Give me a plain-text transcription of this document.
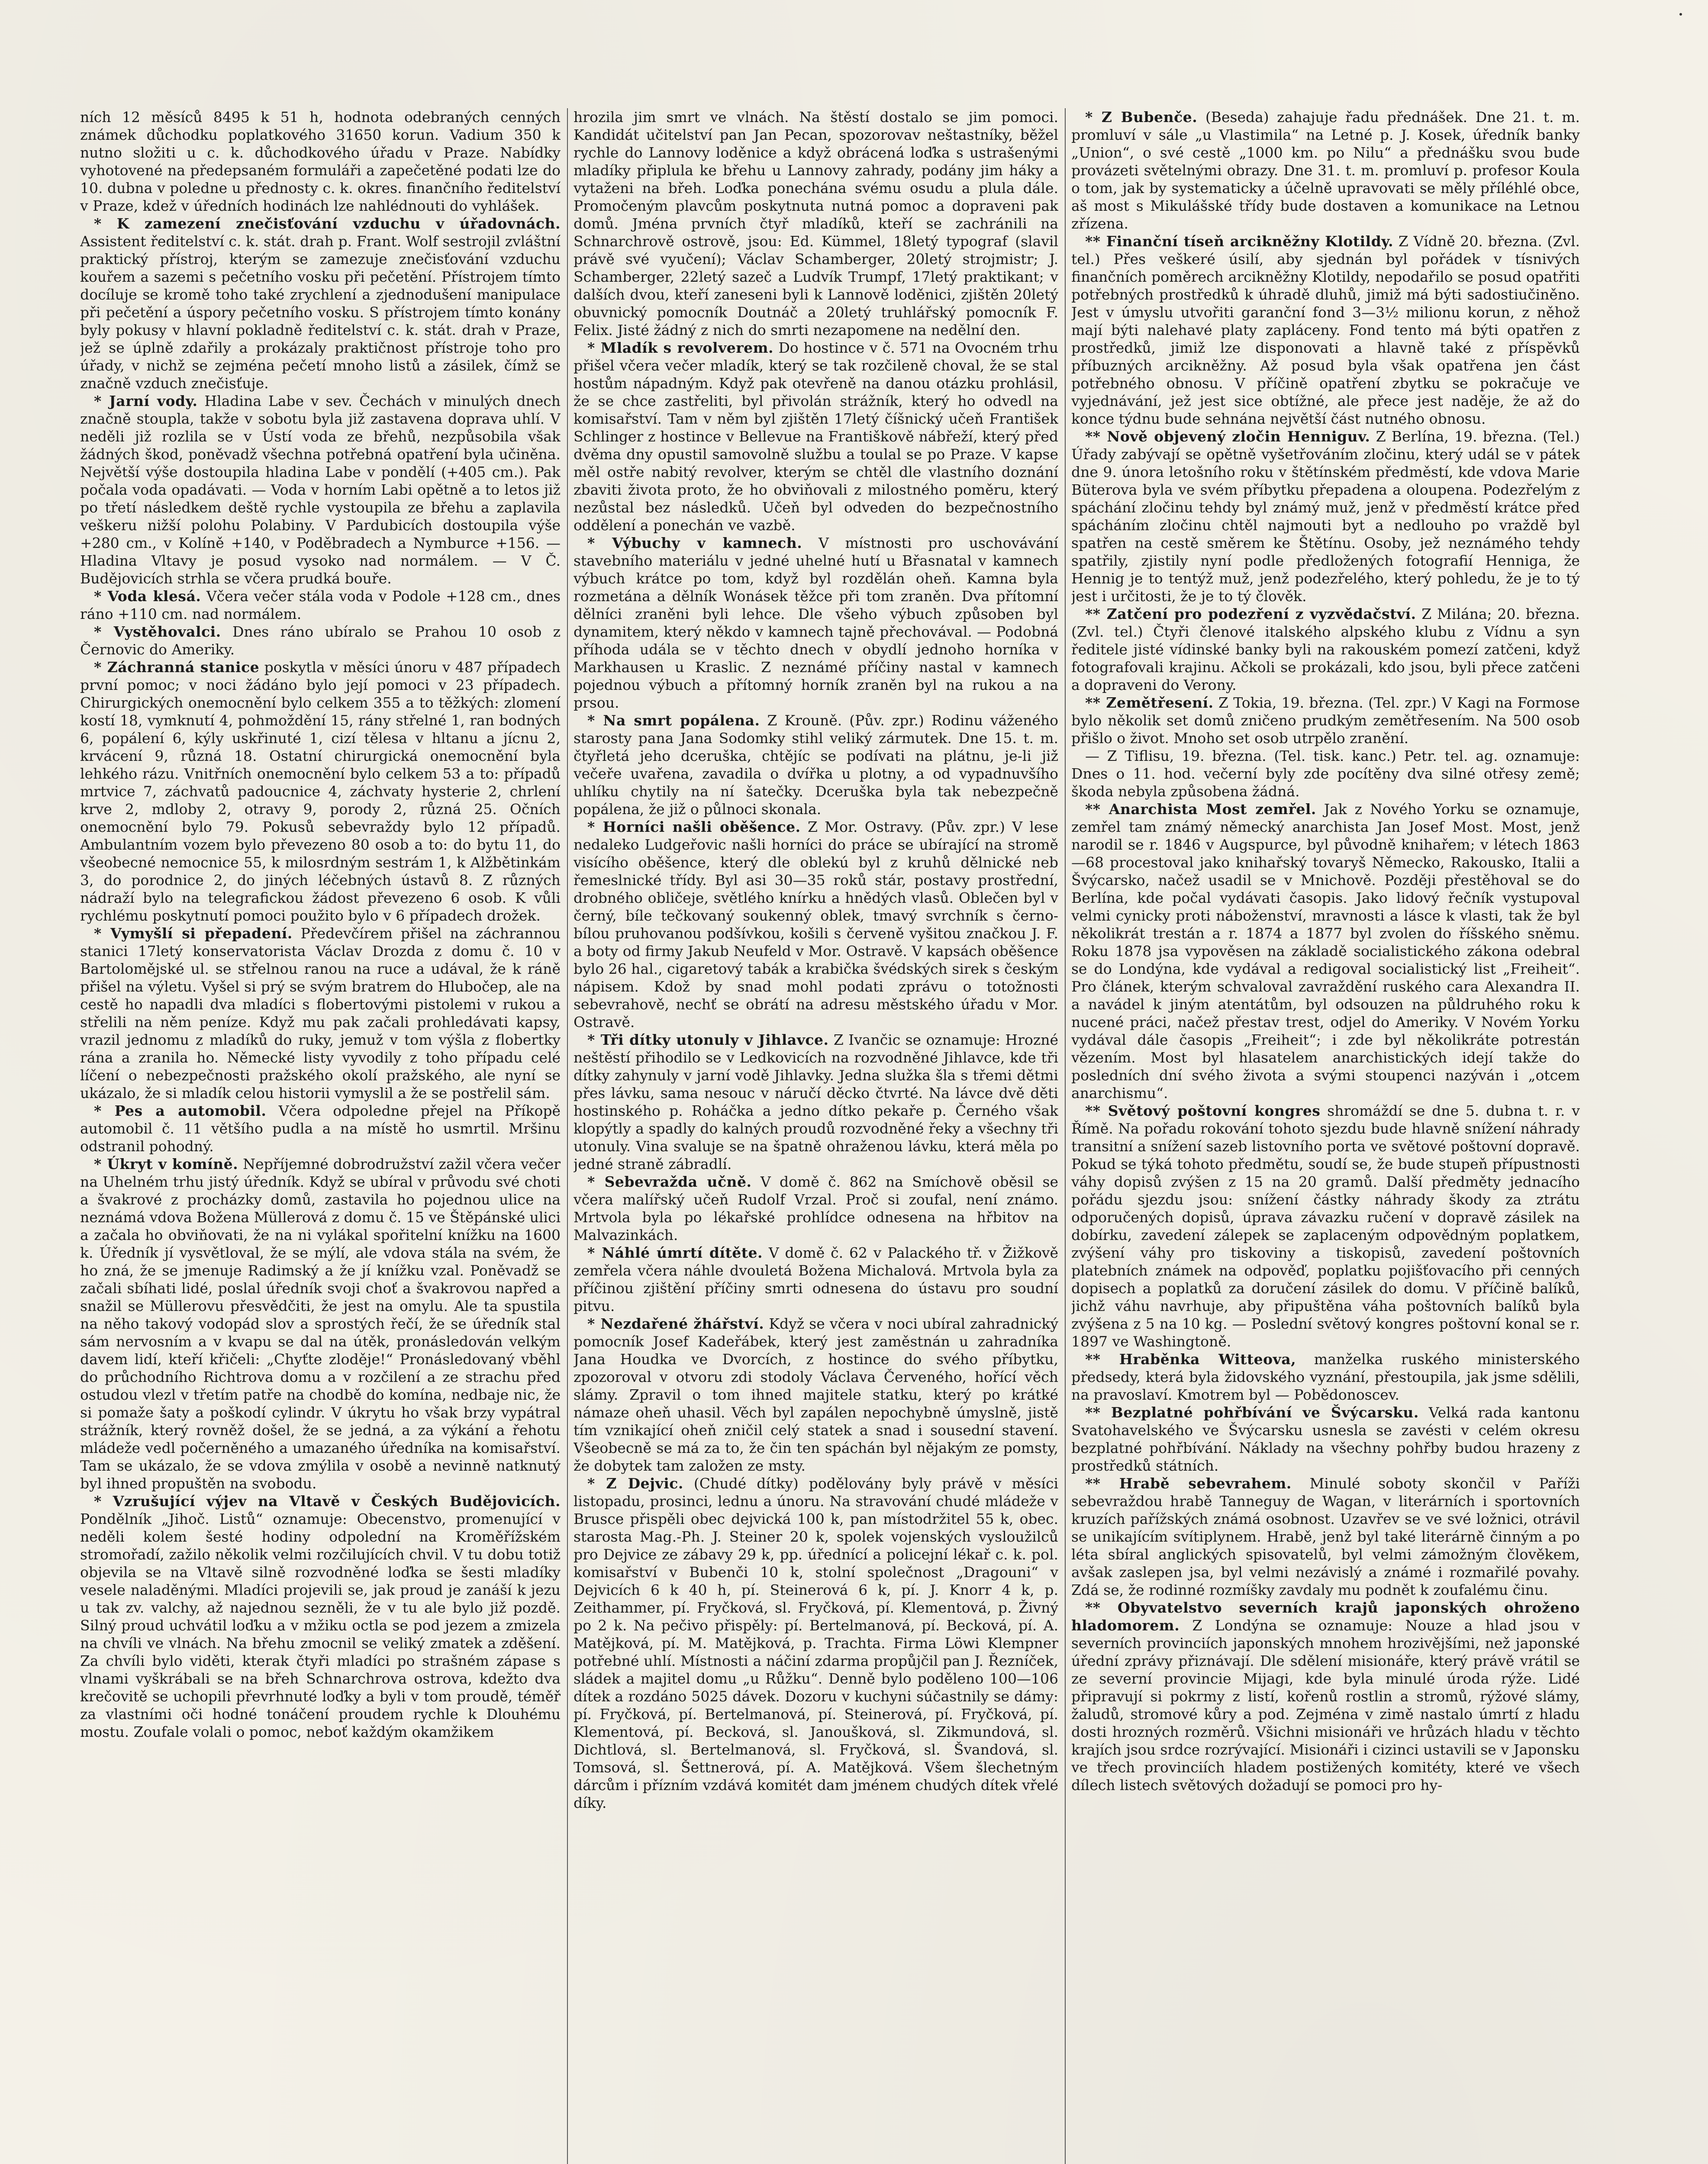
ních 12 měsíců 8495 k 51 h, hodnota odebraných cenných známek důchodku poplatkového 31650 korun. Vadium 350 k nutno složiti u c. k. důchodkového úřadu v Praze. Nabídky vyhotovené na předepsaném formuláři a zapečetěné podati lze do 10. dubna v poledne u přednosty c. k. okres. finančního ředitelství v Praze, kdež v úředních hodinách lze nahlédnouti do vyhlášek.

* K zamezení znečisťování vzduchu v úřadovnách. Assistent ředitelství c. k. stát. drah p. Frant. Wolf sestrojil zvláštní praktický přístroj, kterým se zamezuje znečisťování vzduchu kouřem a sazemi s pečetního vosku při pečetění. Přístrojem tímto docíluje se kromě toho také zrychlení a zjednodušení manipulace při pečetění a úspory pečetního vosku. S přístrojem tímto konány byly pokusy v hlavní pokladně ředitelství c. k. stát. drah v Praze, jež se úplně zdařily a prokázaly praktičnost přístroje toho pro úřady, v nichž se zejména pečetí mnoho listů a zásilek, čímž se značně vzduch znečisťuje.

* Jarní vody. Hladina Labe v sev. Čechách v minulých dnech značně stoupla, takže v sobotu byla již zastavena doprava uhlí. V neděli již rozlila se v Ústí voda ze břehů, nezpůsobila však žádných škod, poněvadž všechna potřebná opatření byla učiněna. Největší výše dostoupila hladina Labe v pondělí (+405 cm.). Pak počala voda opadávati. — Voda v horním Labi opětně a to letos již po třetí následkem deště rychle vystoupila ze břehu a zaplavila veškeru nižší polohu Polabiny. V Pardubicích dostoupila výše +280 cm., v Kolíně +140, v Poděbradech a Nymburce +156. — Hladina Vltavy je posud vysoko nad normálem. — V Č. Budějovicích strhla se včera prudká bouře.

* Voda klesá. Včera večer stála voda v Podole +128 cm., dnes ráno +110 cm. nad normálem.

* Vystěhovalci. Dnes ráno ubíralo se Prahou 10 osob z Černovic do Ameriky.

* Záchranná stanice poskytla v měsíci únoru v 487 případech první pomoc; v noci žádáno bylo její pomoci v 23 případech. Chirurgických onemocnění bylo celkem 355 a to těžkých: zlomení kostí 18, vymknutí 4, pohmoždění 15, rány střelné 1, ran bodných 6, popálení 6, kýly uskřinuté 1, cizí tělesa v hltanu a jícnu 2, krvácení 9, různá 18. Ostatní chirurgická onemocnění byla lehkého rázu. Vnitřních onemocnění bylo celkem 53 a to: případů mrtvice 7, záchvatů padoucnice 4, záchvaty hysterie 2, chrlení krve 2, mdloby 2, otravy 9, porody 2, různá 25. Očních onemocnění bylo 79. Pokusů sebevraždy bylo 12 případů. Ambulantním vozem bylo převezeno 80 osob a to: do bytu 11, do všeobecné nemocnice 55, k milosrdným sestrám 1, k Alžbětinkám 3, do porodnice 2, do jiných léčebných ústavů 8. Z různých nádraží bylo na telegrafickou žádost převezeno 6 osob. K vůli rychlému poskytnutí pomoci použito bylo v 6 případech drožek.

* Vymyšlí si přepadení. Předevčírem přišel na záchrannou stanici 17letý konservatorista Václav Drozda z domu č. 10 v Bartolomějské ul. se střelnou ranou na ruce a udával, že k ráně přišel na výletu. Vyšel si prý se svým bratrem do Hlubočep, ale na cestě ho napadli dva mladíci s flobertovými pistolemi v rukou a střelili na něm peníze. Když mu pak začali prohledávati kapsy, vrazil jednomu z mladíků do ruky, jemuž v tom výšla z flobertky rána a zranila ho. Německé listy vyvodily z toho případu celé líčení o nebezpečnosti pražského okolí pražského, ale nyní se ukázalo, že si mladík celou historii vymyslil a že se postřelil sám.

* Pes a automobil. Včera odpoledne přejel na Příkopě automobil č. 11 většího pudla a na místě ho usmrtil. Mršinu odstranil pohodný.

* Úkryt v komíně. Nepříjemné dobrodružství zažil včera večer na Uhelném trhu jistý úředník. Když se ubíral v průvodu své choti a švakrové z procházky domů, zastavila ho pojednou ulice na neznámá vdova Božena Müllerová z domu č. 15 ve Štěpánské ulici a začala ho obviňovati, že na ni vylákal spořitelní knížku na 1600 k. Úředník jí vysvětloval, že se mýlí, ale vdova stála na svém, že ho zná, že se jmenuje Radimský a že jí knížku vzal. Poněvadž se začali sbíhati lidé, poslal úředník svoji choť a švakrovou napřed a snažil se Müllerovu přesvědčiti, že jest na omylu. Ale ta spustila na něho takový vodopád slov a sprostých řečí, že se úředník stal sám nervosním a v kvapu se dal na útěk, pronásledován velkým davem lidí, kteří křičeli: „Chyťte zloděje!“ Pronásledovaný vběhl do průchodního Richtrova domu a v rozčilení a ze strachu před ostudou vlezl v třetím patře na chodbě do komína, nedbaje nic, že si pomaže šaty a poškodí cylindr. V úkrytu ho však brzy vypátral strážník, který rovněž došel, že se jedná, a za výkání a řehotu mládeže vedl počerněného a umazaného úředníka na komisařství. Tam se ukázalo, že se vdova zmýlila v osobě a nevinně natknutý byl ihned propuštěn na svobodu.

* Vzrušující výjev na Vltavě v Českých Budějovicích. Pondělník „Jihoč. Listů“ oznamuje: Obecenstvo, promenující v neděli kolem šesté hodiny odpolední na Kroměřížském stromořadí, zažilo několik velmi rozčilujících chvil. V tu dobu totiž objevila se na Vltavě silně rozvodněné loďka se šesti mladíky vesele naladěnými. Mladíci projevili se, jak proud je zanáší k jezu u tak zv. valchy, až najednou sezněli, že v tu ale bylo již pozdě. Silný proud uchvátil loďku a v mžiku octla se pod jezem a zmizela na chvíli ve vlnách. Na břehu zmocnil se veliký zmatek a zděšení. Za chvíli bylo viděti, kterak čtyři mladíci po strašném zápase s vlnami vyškrábali se na břeh Schnarchrova ostrova, kdežto dva krečovitě se uchopili převrhnuté loďky a byli v tom proudě, téměř za vlastními oči hodné tonáčení proudem rychle k Dlouhému mostu. Zoufale volali o pomoc, neboť každým okamžikem

hrozila jim smrt ve vlnách. Na štěstí dostalo se jim pomoci. Kandidát učitelství pan Jan Pecan, spozorovav neštastníky, běžel rychle do Lannovy loděnice a když obrácená loďka s ustrašenými mladíky připlula ke břehu u Lannovy zahrady, podány jim háky a vytaženi na břeh. Loďka ponechána svému osudu a plula dále. Promočeným plavcům poskytnuta nutná pomoc a dopraveni pak domů. Jména prvních čtyř mladíků, kteří se zachránili na Schnarchrově ostrově, jsou: Ed. Kümmel, 18letý typograf (slavil právě své vyučení); Václav Schamberger, 20letý strojmistr; J. Schamberger, 22letý sazeč a Ludvík Trumpf, 17letý praktikant; v dalších dvou, kteří zaneseni byli k Lannově loděnici, zjištěn 20letý obuvnický pomocník Doutnáč a 20letý truhlářský pomocník F. Felix. Jisté žádný z nich do smrti nezapomene na nedělní den.

* Mladík s revolverem. Do hostince v č. 571 na Ovocném trhu přišel včera večer mladík, který se tak rozčileně choval, že se stal hostům nápadným. Když pak otevřeně na danou otázku prohlásil, že se chce zastřeliti, byl přivolán strážník, který ho odvedl na komisařství. Tam v něm byl zjištěn 17letý číšnický učeň František Schlinger z hostince v Bellevue na Františkově nábřeží, který před dvěma dny opustil samovolně službu a toulal se po Praze. V kapse měl ostře nabitý revolver, kterým se chtěl dle vlastního doznání zbaviti života proto, že ho obviňovali z milostného poměru, který nezůstal bez následků. Učeň byl odveden do bezpečnostního oddělení a ponechán ve vazbě.

* Výbuchy v kamnech. V místnosti pro uschovávání stavebního materiálu v jedné uhelné hutí u Břasnatal v kamnech výbuch krátce po tom, když byl rozdělán oheň. Kamna byla rozmetána a dělník Wonásek těžce při tom zraněn. Dva přítomní dělníci zraněni byli lehce. Dle všeho výbuch způsoben byl dynamitem, který někdo v kamnech tajně přechovával. — Podobná příhoda udála se v těchto dnech v obydlí jednoho horníka v Markhausen u Kraslic. Z neznámé příčiny nastal v kamnech pojednou výbuch a přítomný horník zraněn byl na rukou a na prsou.

* Na smrt popálena. Z Krouně. (Pův. zpr.) Rodinu váženého starosty pana Jana Sodomky stihl veliký zármutek. Dne 15. t. m. čtyřletá jeho dceruška, chtějíc se podívati na plátnu, je-li již večeře uvařena, zavadila o dvířka u plotny, a od vypadnuvšího uhlíku chytily na ní šatečky. Dceruška byla tak nebezpečně popálena, že již o půlnoci skonala.

* Horníci našli oběšence. Z Mor. Ostravy. (Pův. zpr.) V lese nedaleko Ludgeřovic našli horníci do práce se ubírající na stromě visícího oběšence, který dle oblekú byl z kruhů dělnické neb řemeslnické třídy. Byl asi 30—35 roků stár, postavy prostřední, drobného obličeje, světlého knírku a hnědých vlasů. Oblečen byl v černý, bíle tečkovaný soukenný oblek, tmavý svrchník s černo-bílou pruhovanou podšívkou, košili s červeně vyšitou značkou J. F. a boty od firmy Jakub Neufeld v Mor. Ostravě. V kapsách oběšence bylo 26 hal., cigaretový tabák a krabička švédských sirek s českým nápisem. Kdož by snad mohl podati zprávu o totožnosti sebevrahově, nechť se obrátí na adresu městského úřadu v Mor. Ostravě.

* Tři dítky utonuly v Jihlavce. Z Ivančic se oznamuje: Hrozné neštěstí přihodilo se v Ledkovicích na rozvodněné Jihlavce, kde tři dítky zahynuly v jarní vodě Jihlavky. Jedna služka šla s třemi dětmi přes lávku, sama nesouc v náručí děcko čtvrté. Na lávce dvě děti hostinského p. Roháčka a jedno dítko pekaře p. Černého však klopýtly a spadly do kalných proudů rozvodněné řeky a všechny tři utonuly. Vina svaluje se na špatně ohraženou lávku, která měla po jedné straně zábradlí.

* Sebevražda učně. V domě č. 862 na Smíchově oběsil se včera malířský učeň Rudolf Vrzal. Proč si zoufal, není známo. Mrtvola byla po lékařské prohlídce odnesena na hřbitov na Malvazinkách.

* Náhlé úmrtí dítěte. V domě č. 62 v Palackého tř. v Žižkově zemřela včera náhle dvouletá Božena Michalová. Mrtvola byla za příčinou zjištění příčiny smrti odnesena do ústavu pro soudní pitvu.

* Nezdařené žhářství. Když se včera v noci ubíral zahradnický pomocník Josef Kadeřábek, který jest zaměstnán u zahradníka Jana Houdka ve Dvorcích, z hostince do svého příbytku, zpozoroval v otvoru zdi stodoly Václava Červeného, hořící věch slámy. Zpravil o tom ihned majitele statku, který po krátké námaze oheň uhasil. Věch byl zapálen nepochybně úmyslně, jistě tím vznikající oheň zničil celý statek a snad i sousední stavení. Všeobecně se má za to, že čin ten spáchán byl nějakým ze pomsty, že dobytek tam založen ze msty.

* Z Dejvic. (Chudé dítky) podělovány byly právě v měsíci listopadu, prosinci, lednu a únoru. Na stravování chudé mládeže v Brusce přispěli obec dejvická 100 k, pan místodržitel 55 k, obec. starosta Mag.-Ph. J. Steiner 20 k, spolek vojenských vysloužilců pro Dejvice ze zábavy 29 k, pp. úřednící a policejní lékař c. k. pol. komisařství v Bubenči 10 k, stolní společnost „Dragouni“ v Dejvicích 6 k 40 h, pí. Steinerová 6 k, pí. J. Knorr 4 k, p. Zeithammer, pí. Fryčková, sl. Fryčková, pí. Klementová, p. Živný po 2 k. Na pečivo přispěly: pí. Bertelmanová, pí. Becková, pí. A. Matějková, pí. M. Matějková, p. Trachta. Firma Löwi Klempner potřebné uhlí. Místnosti a náčiní zdarma propůjčil pan J. Řezníček, sládek a majitel domu „u Růžku“. Denně bylo poděleno 100—106 dítek a rozdáno 5025 dávek. Dozoru v kuchyni súčastnily se dámy: pí. Fryčková, pí. Bertelmanová, pí. Steinerová, pí. Fryčková, pí. Klementová, pí. Becková, sl. Janoušková, sl. Zikmundová, sl. Dichtlová, sl. Bertelmanová, sl. Fryčková, sl. Švandová, sl. Tomsová, sl. Šettnerová, pí. A. Matějková. Všem šlechetným dárcům i přízním vzdává komitét dam jménem chudých dítek vřelé díky.

* Z Bubenče. (Beseda) zahajuje řadu přednášek. Dne 21. t. m. promluví v sále „u Vlastimila“ na Letné p. J. Kosek, úředník banky „Union“, o své cestě „1000 km. po Nilu“ a přednášku svou bude provázeti světelnými obrazy. Dne 31. t. m. promluví p. profesor Koula o tom, jak by systematicky a účelně upravovati se měly příléhlé obce, aš most s Mikulášské třídy bude dostaven a komunikace na Letnou zřízena.

** Finanční tíseň arcikněžny Klotildy. Z Vídně 20. března. (Zvl. tel.) Přes veškeré úsilí, aby sjednán byl pořádek v tísnivých finančních poměrech arcikněžny Klotildy, nepodařilo se posud opatřiti potřebných prostředků k úhradě dluhů, jimiž má býti sadostiučiněno. Jest v úmyslu utvořiti garanční fond 3—3½ milionu korun, z něhož mají býti nalehavé platy zapláceny. Fond tento má býti opatřen z prostředků, jimiž lze disponovati a hlavně také z příspěvků příbuzných arcikněžny. Až posud byla však opatřena jen část potřebného obnosu. V příčině opatření zbytku se pokračuje ve vyjednávání, jež jest sice obtížné, ale přece jest naděje, že až do konce týdnu bude sehnána největší část nutného obnosu.

** Nově objevený zločin Henniguv. Z Berlína, 19. března. (Tel.) Úřady zabývají se opětně vyšetřováním zločinu, který udál se v pátek dne 9. února letošního roku v štětínském předměstí, kde vdova Marie Büterova byla ve svém příbytku přepadena a oloupena. Podezřelým z spáchání zločinu tehdy byl známý muž, jenž v předměstí krátce před spácháním zločinu chtěl najmouti byt a nedlouho po vraždě byl spatřen na cestě směrem ke Štětínu. Osoby, jež neznámého tehdy spatřily, zjistily nyní podle předložených fotografií Henniga, že Hennig je to tentýž muž, jenž podezřelého, který pohledu, že je to tý jest i určitosti, že je to tý člověk.

** Zatčení pro podezření z vyzvědačství. Z Milána; 20. března. (Zvl. tel.) Čtyři členové italského alpského klubu z Vídnu a syn ředitele jisté vídinské banky byli na rakouském pomezí zatčeni, když fotografovali krajinu. Ačkoli se prokázali, kdo jsou, byli přece zatčeni a dopraveni do Verony.

** Zemětřesení. Z Tokia, 19. března. (Tel. zpr.) V Kagi na Formose bylo několik set domů zničeno prudkým zemětřesením. Na 500 osob přišlo o život. Mnoho set osob utrpělo zranění.

— Z Tiflisu, 19. března. (Tel. tisk. kanc.) Petr. tel. ag. oznamuje: Dnes o 11. hod. večerní byly zde pocítěny dva silné otřesy země; škoda nebyla způsobena žádná.

** Anarchista Most zemřel. Jak z Nového Yorku se oznamuje, zemřel tam známý německý anarchista Jan Josef Most. Most, jenž narodil se r. 1846 v Augspurce, byl původně knihařem; v létech 1863—68 procestoval jako knihařský tovaryš Německo, Rakousko, Italii a Švýcarsko, načež usadil se v Mnichově. Později přestěhoval se do Berlína, kde počal vydávati časopis. Jako lidový řečník vystupoval velmi cynicky proti náboženství, mravnosti a lásce k vlasti, tak že byl několikrát trestán a r. 1874 a 1877 byl zvolen do říšského sněmu. Roku 1878 jsa vypověsen na základě socialistického zákona odebral se do Londýna, kde vydával a redigoval socialistický list „Freiheit“. Pro článek, kterým schvaloval zavraždění ruského cara Alexandra II. a navádel k jiným atentátům, byl odsouzen na půldruhého roku k nucené práci, načež přestav trest, odjel do Ameriky. V Novém Yorku vydával dále časopis „Freiheit“; i zde byl několikráte potrestán vězením. Most byl hlasatelem anarchistických idejí takže do posledních dní svého života a svými stoupenci nazýván i „otcem anarchismu“.

** Světový poštovní kongres shromáždí se dne 5. dubna t. r. v Římě. Na pořadu rokování tohoto sjezdu bude hlavně snížení náhrady transitní a snížení sazeb listovního porta ve světové poštovní dopravě. Pokud se týká tohoto předmětu, soudí se, že bude stupeň přípustnosti váhy dopisů zvýšen z 15 na 20 gramů. Další předměty jednacího pořádu sjezdu jsou: snížení částky náhrady škody za ztrátu odporučených dopisů, úprava závazku ručení v dopravě zásilek na dobírku, zavedení zálepek se zaplaceným odpovědným poplatkem, zvýšení váhy pro tiskoviny a tiskopisů, zavedení poštovních platebních známek na odpověď, poplatku pojišťovacího při cenných dopisech a poplatků za doručení zásilek do domu. V příčině balíků, jichž váhu navrhuje, aby připuštěna váha poštovních balíků byla zvýšena z 5 na 10 kg. — Poslední světový kongres poštovní konal se r. 1897 ve Washingtoně.

** Hraběnka Witteova, manželka ruského ministerského předsedy, která byla židovského vyznání, přestoupila, jak jsme sdělili, na pravoslaví. Kmotrem byl — Pobědonoscev.

** Bezplatné pohřbívání ve Švýcarsku. Velká rada kantonu Svatohavelského ve Švýcarsku usnesla se zavésti v celém okresu bezplatné pohřbívání. Náklady na všechny pohřby budou hrazeny z prostředků státních.

** Hrabě sebevrahem. Minulé soboty skončil v Paříži sebevraždou hrabě Tanneguy de Wagan, v literárních i sportovních kruzích pařížských známá osobnost. Uzavřev se ve své ložnici, otrávil se unikajícím svítiplynem. Hrabě, jenž byl také literárně činným a po léta sbíral anglických spisovatelů, byl velmi zámožným člověkem, avšak zaslepen jsa, byl velmi nezávislý a známé i rozmařilé povahy. Zdá se, že rodinné rozmíšky zavdaly mu podnět k zoufalému činu.

** Obyvatelstvo severních krajů japonských ohroženo hladomorem. Z Londýna se oznamuje: Nouze a hlad jsou v severních provinciích japonských mnohem hrozivějšími, než japonské úřední zprávy přiznávají. Dle sdělení misionáře, který právě vrátil se ze severní provincie Mijagi, kde byla minulé úroda rýže. Lidé připravují si pokrmy z listí, kořenů rostlin a stromů, rýžové slámy, žaludů, stromové kůry a pod. Zejména v zimě nastalo úmrtí z hladu dosti hrozných rozměrů. Všichni misionáři ve hrůzách hladu v těchto krajích jsou srdce rozrývající. Misionáři i cizinci ustavili se v Japonsku ve třech provinciích hladem postižených komitéty, které ve všech dílech listech světových dožadují se pomoci pro hy-
